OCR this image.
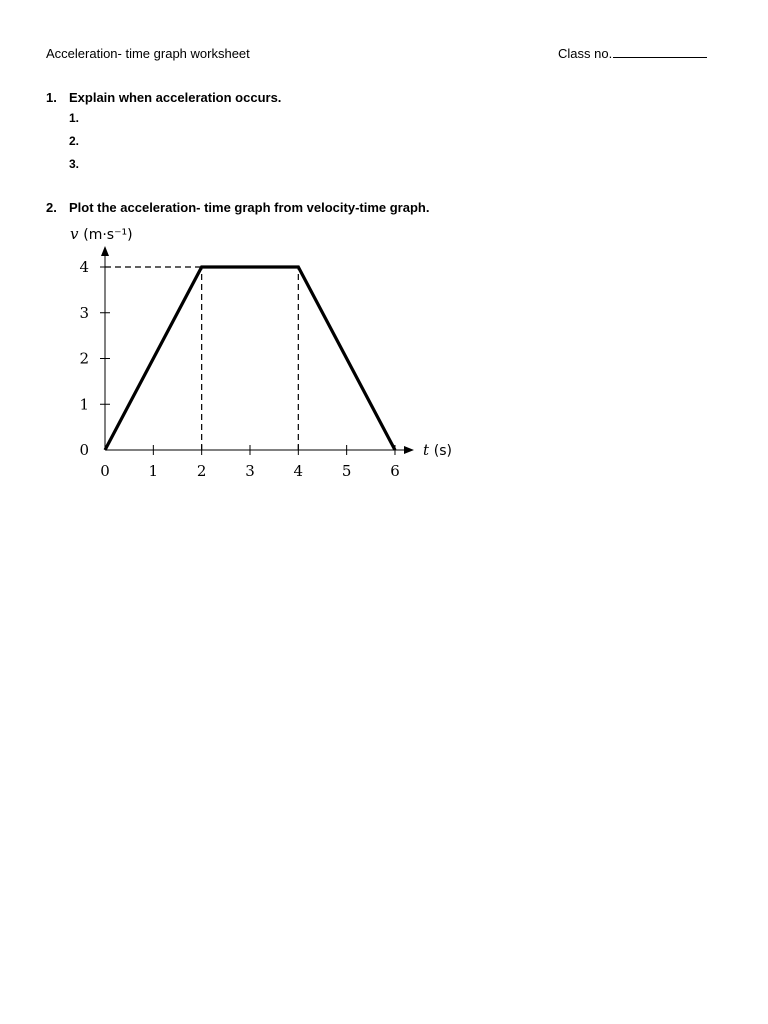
Acceleration- time graph worksheet	Class no.
1. Explain when acceleration occurs.
1.
2.
3.
2. Plot the acceleration- time graph from velocity-time graph.
0	1	2	3	4	5	6
0
1
2
3
4
v (m·s⁻¹)
t (s)
